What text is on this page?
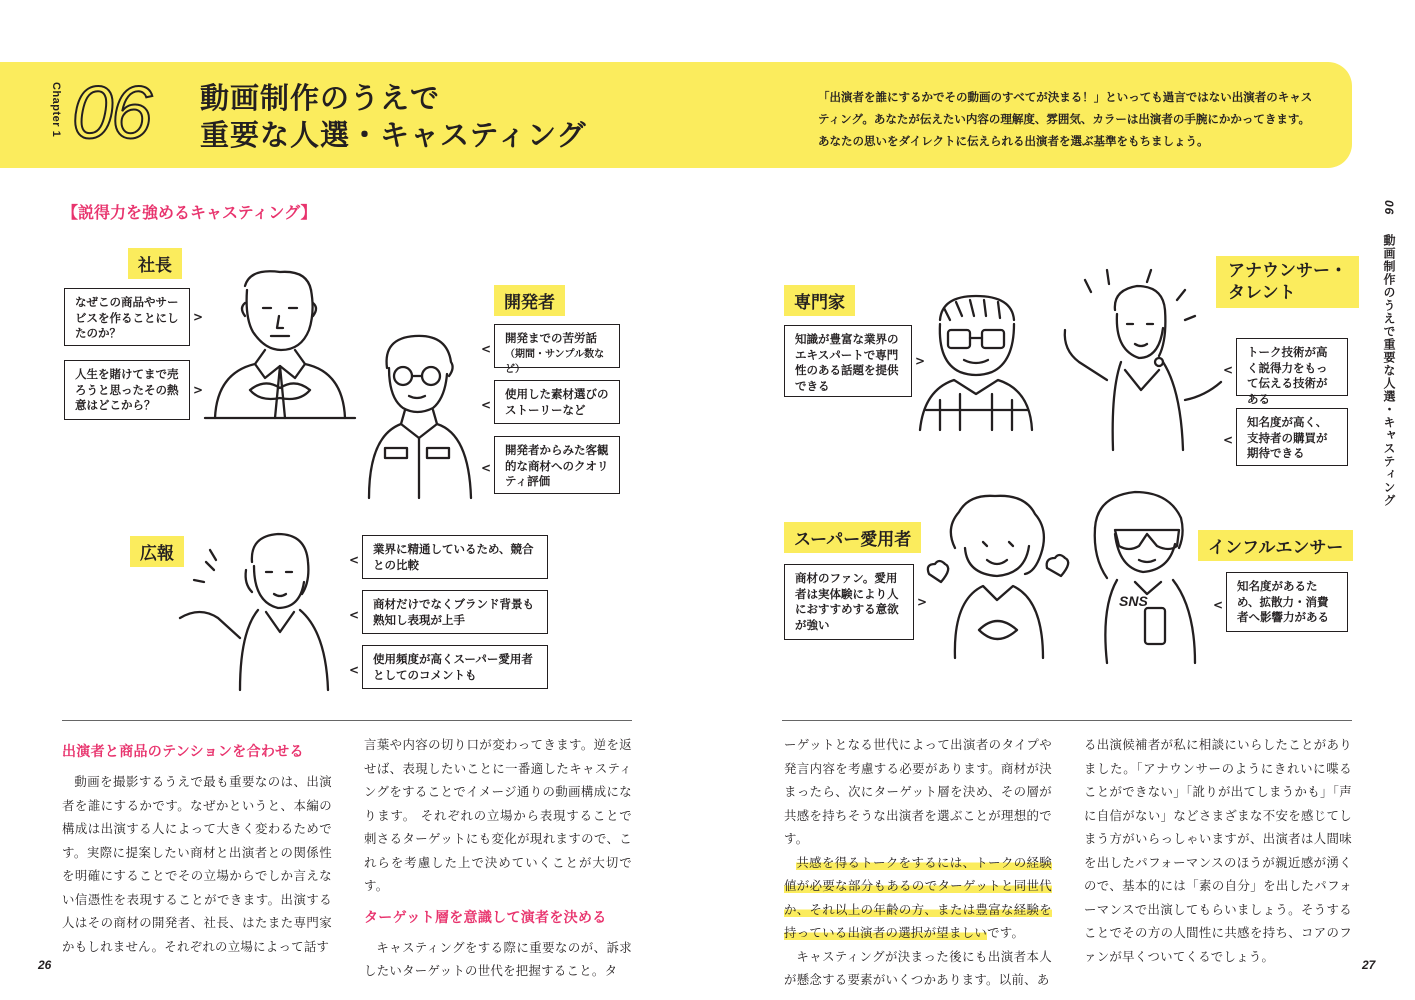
Chapter 1 06 動画制作のうえで
重要な人選・キャスティング
「出演者を誰にするかでその動画のすべてが決まる！」といっても過言ではない出演者のキャスティング。あなたが伝えたい内容の理解度、雰囲気、カラーは出演者の手腕にかかってきます。あなたの思いをダイレクトに伝えられる出演者を選ぶ基準をもちましょう。
【説得力を強めるキャスティング】
社長
なぜこの商品やサービスを作ることにしたのか？
>
人生を賭けてまで売ろうと思ったその熱意はどこから？
>
開発者
<
開発までの苦労話
（期間・サンプル数など）
<
使用した素材選びのストーリーなど
<
開発者からみた客観的な商材へのクオリティ評価
広報	<
業界に精通しているため、競合との比較
<
商材だけでなくブランド背景も熟知し表現が上手
<
使用頻度が高くスーパー愛用者としてのコメントも
専門家
知識が豊富な業界のエキスパートで専門性のある話題を提供できる
>
アナウンサー・
タレント
<
トーク技術が高く説得力をもって伝える技術がある
<
知名度が高く、支持者の購買が期待できる
スーパー愛用者
商材のファン。愛用者は実体験により人におすすめする意欲が強い
>
インフルエンサー
<
知名度があるため、拡散力・消費者へ影響力がある
SNS

出演者と商品のテンションを合わせる

動画を撮影するうえで最も重要なのは、出演者を誰にするかです。なぜかというと、本編の構成は出演する人によって大きく変わるためです。実際に提案したい商材と出演者との関係性を明確にすることでその立場からでしか言えない信憑性を表現することができます。出演する人はその商材の開発者、社長、はたまた専門家かもしれません。それぞれの立場によって話す

言葉や内容の切り口が変わってきます。逆を返せば、表現したいことに一番適したキャスティングをすることでイメージ通りの動画構成になります。 それぞれの立場から表現することで刺さるターゲットにも変化が現れますので、これらを考慮した上で決めていくことが大切です。

ターゲット層を意識して演者を決める

キャスティングをする際に重要なのが、訴求したいターゲットの世代を把握すること。タ

ーゲットとなる世代によって出演者のタイプや発言内容を考慮する必要があります。商材が決まったら、次にターゲット層を決め、その層が共感を持ちそうな出演者を選ぶことが理想的です。

共感を得るトークをするには、トークの経験値が必要な部分もあるのでターゲットと同世代か、それ以上の年齢の方、または豊富な経験を持っている出演者の選択が望ましいです。

キャスティングが決まった後にも出演者本人が懸念する要素がいくつかあります。以前、あ

る出演候補者が私に相談にいらしたことがありました。「アナウンサーのようにきれいに喋ることができない」「訛りが出てしまうかも」「声に自信がない」などさまざまな不安を感じてしまう方がいらっしゃいますが、出演者は人間味を出したパフォーマンスのほうが親近感が湧くので、基本的には「素の自分」を出したパフォーマンスで出演してもらいましょう。そうすることでその方の人間性に共感を持ち、コアのファンが早くついてくるでしょう。

06  動画制作のうえで重要な人選・キャスティング
26	27
